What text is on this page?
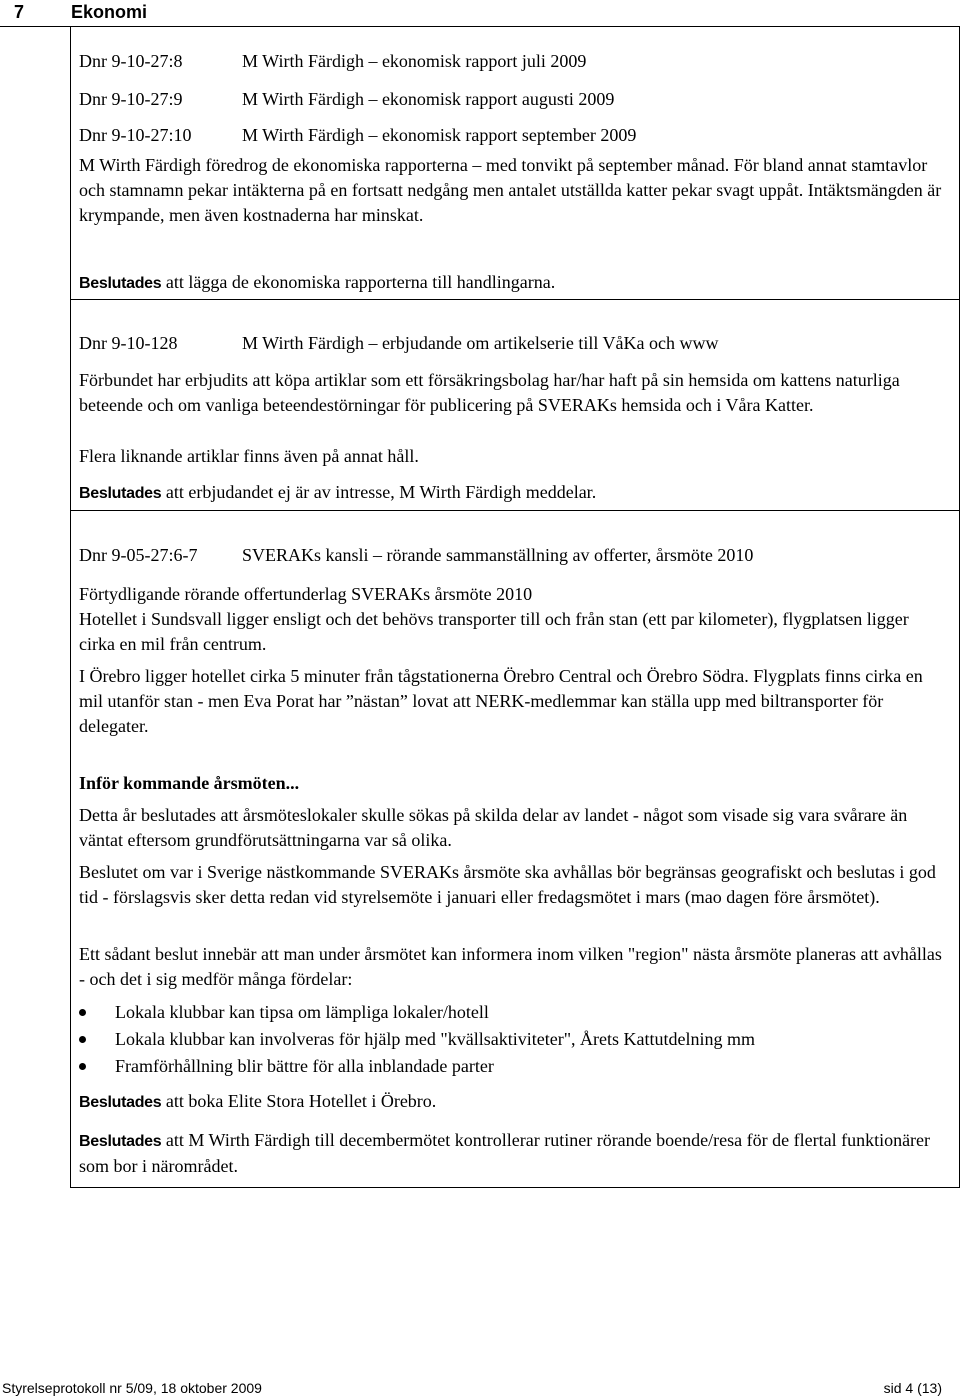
7	Ekonomi
Dnr 9-10-27:8	M Wirth Färdigh – ekonomisk rapport juli 2009
Dnr 9-10-27:9	M Wirth Färdigh – ekonomisk rapport augusti 2009
Dnr 9-10-27:10	M Wirth Färdigh – ekonomisk rapport september 2009
M Wirth Färdigh föredrog de ekonomiska rapporterna – med tonvikt på september månad. För bland annat stamtavlor och stamnamn pekar intäkterna på en fortsatt nedgång men antalet utställda katter pekar svagt uppåt. Intäktsmängden är krympande, men även kostnaderna har minskat.
Beslutades att lägga de ekonomiska rapporterna till handlingarna.
Dnr 9-10-128	M Wirth Färdigh – erbjudande om artikelserie till VåKa och www
Förbundet har erbjudits att köpa artiklar som ett försäkringsbolag har/har haft på sin hemsida om kattens naturliga beteende och om vanliga beteendestörningar för publicering på SVERAKs hemsida och i Våra Katter.
Flera liknande artiklar finns även på annat håll.
Beslutades att erbjudandet ej är av intresse, M Wirth Färdigh meddelar.
Dnr 9-05-27:6-7 SVERAKs kansli – rörande sammanställning av offerter, årsmöte 2010
Förtydligande rörande offertunderlag SVERAKs årsmöte 2010
Hotellet i Sundsvall ligger ensligt och det behövs transporter till och från stan (ett par kilometer), flygplatsen ligger cirka en mil från centrum.
I Örebro ligger hotellet cirka 5 minuter från tågstationerna Örebro Central och Örebro Södra. Flygplats finns cirka en mil utanför stan - men Eva Porat har ”nästan” lovat att NERK-medlemmar kan ställa upp med biltransporter för delegater.
Inför kommande årsmöten...
Detta år beslutades att årsmöteslokaler skulle sökas på skilda delar av landet - något som visade sig vara svårare än väntat eftersom grundförutsättningarna var så olika.
Beslutet om var i Sverige nästkommande SVERAKs årsmöte ska avhållas bör begränsas geografiskt och beslutas i god tid - förslagsvis sker detta redan vid styrelsemöte i januari eller fredagsmötet i mars (mao dagen före årsmötet).
Ett sådant beslut innebär att man under årsmötet kan informera inom vilken "region" nästa årsmöte planeras att avhållas - och det i sig medför många fördelar:
Lokala klubbar kan tipsa om lämpliga lokaler/hotell
Lokala klubbar kan involveras för hjälp med "kvällsaktiviteter", Årets Kattutdelning mm
Framförhållning blir bättre för alla inblandade parter
Beslutades att boka Elite Stora Hotellet i Örebro.
Beslutades att M Wirth Färdigh till decembermötet kontrollerar rutiner rörande boende/resa för de flertal funktionärer som bor i närområdet.
Styrelseprotokoll nr 5/09, 18 oktober 2009	sid 4 (13)
